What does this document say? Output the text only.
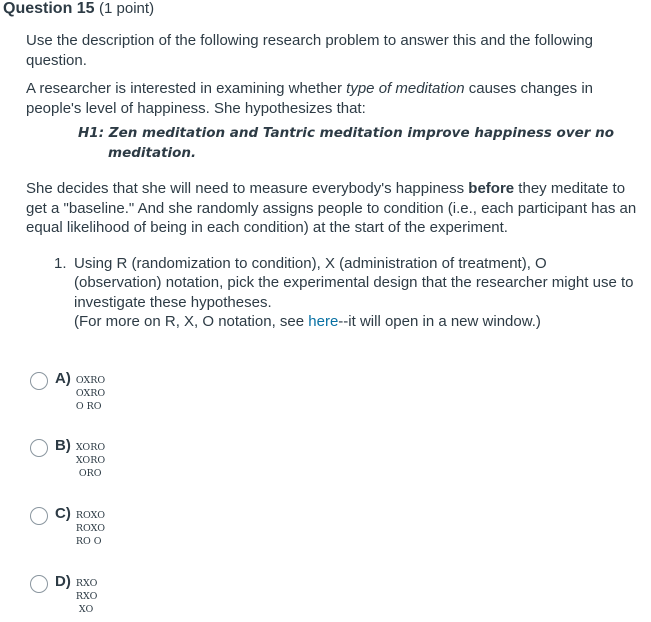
Question 15 (1 point)

Use the description of the following research problem to answer this and the following question.

A researcher is interested in examining whether type of meditation causes changes in people's level of happiness. She hypothesizes that:

H1: Zen meditation and Tantric meditation improve happiness over no meditation.

She decides that she will need to measure everybody's happiness before they meditate to get a "baseline." And she randomly assigns people to condition (i.e., each participant has an equal likelihood of being in each condition) at the start of the experiment.

1. Using R (randomization to condition), X (administration of treatment), O (observation) notation, pick the experimental design that the researcher might use to investigate these hypotheses.
(For more on R, X, O notation, see here--it will open in a new window.)
A) OXRO
OXRO
O RO
B) XORO
XORO
ORO
C) ROXO
ROXO
RO O
D) RXO
RXO
XO
